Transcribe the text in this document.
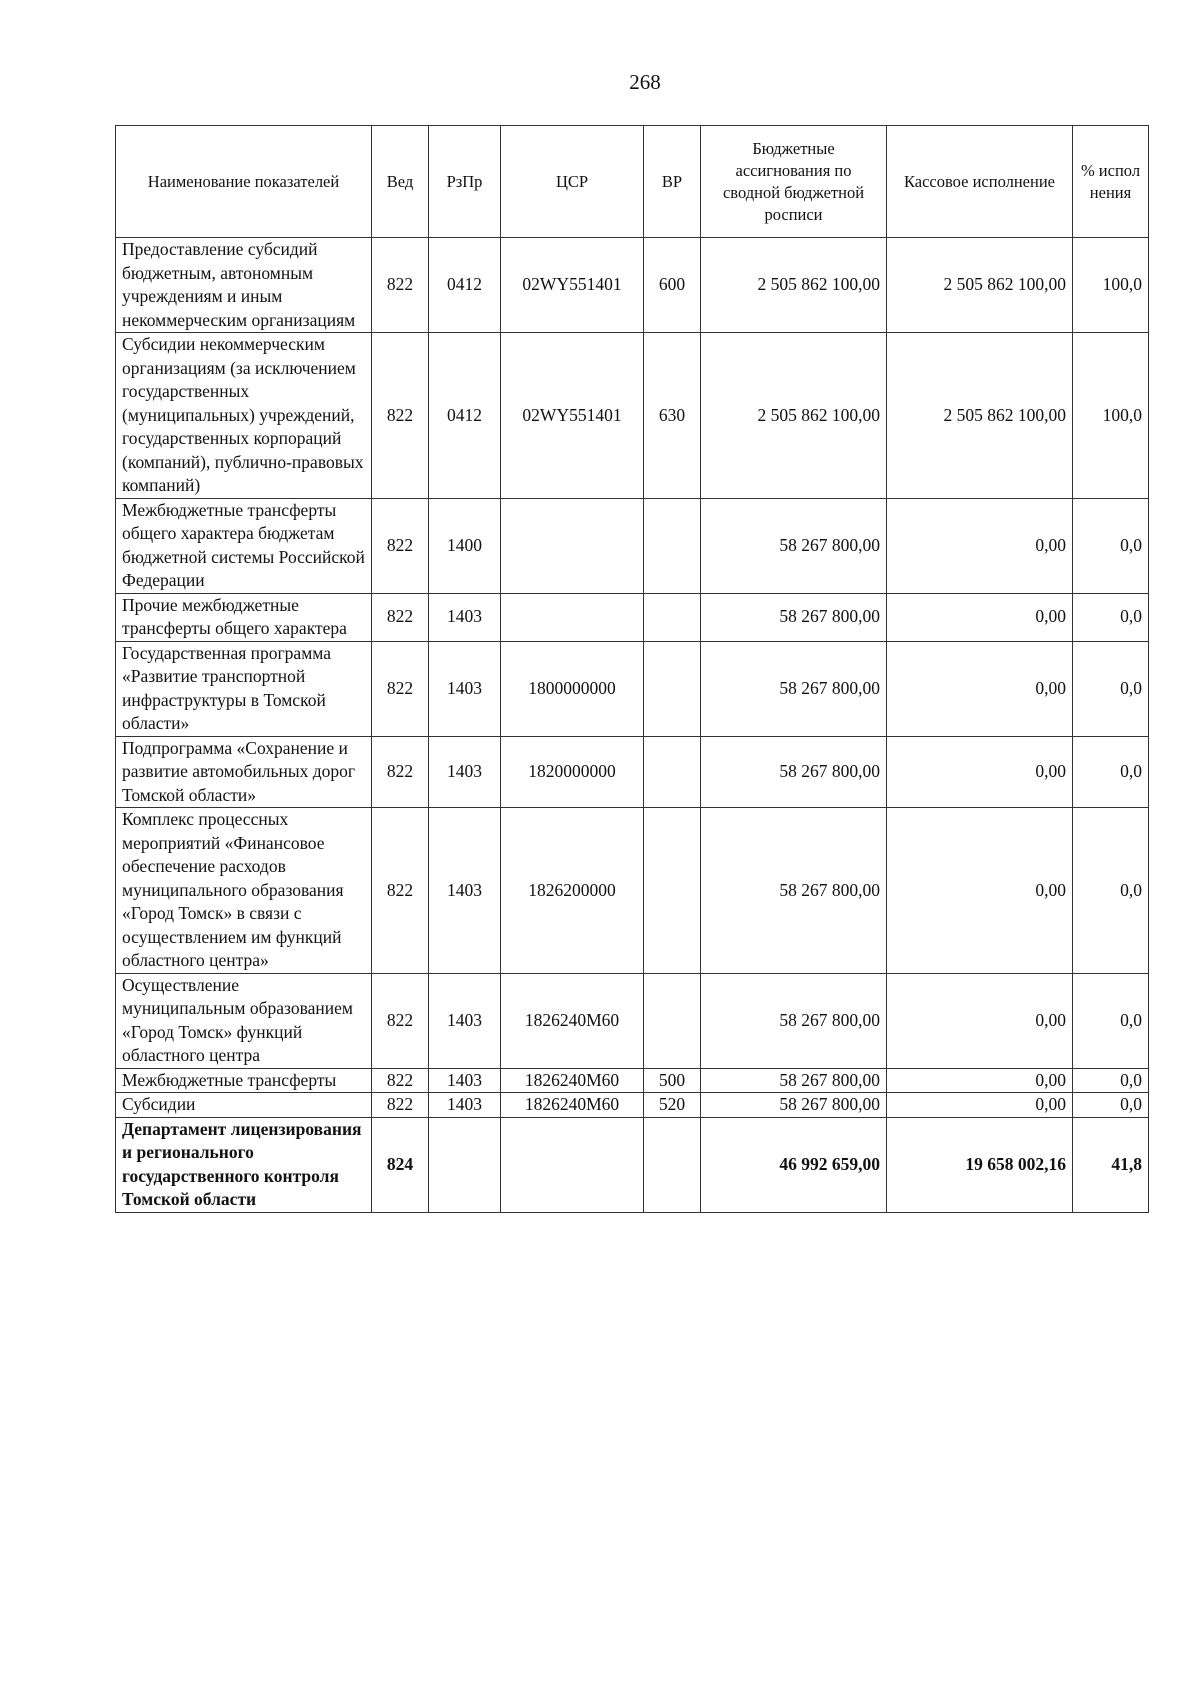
268
Наименование показателей	Вед	РзПр	ЦСР	ВР	Бюджетные ассигнования по сводной бюджетной росписи	Кассовое исполнение	% испол нения
Предоставление субсидий бюджетным, автономным учреждениям и иным некоммерческим организациям	822	0412	02WY551401	600	2 505 862 100,00	2 505 862 100,00	100,0
Субсидии некоммерческим организациям (за исключением государственных (муниципальных) учреждений, государственных корпораций (компаний), публично-правовых компаний)	822	0412	02WY551401	630	2 505 862 100,00	2 505 862 100,00	100,0
Межбюджетные трансферты общего характера бюджетам бюджетной системы Российской Федерации	822	1400			58 267 800,00	0,00	0,0
Прочие межбюджетные трансферты общего характера	822	1403			58 267 800,00	0,00	0,0
Государственная программа «Развитие транспортной инфраструктуры в Томской области»	822	1403	1800000000		58 267 800,00	0,00	0,0
Подпрограмма «Сохранение и развитие автомобильных дорог Томской области»	822	1403	1820000000		58 267 800,00	0,00	0,0
Комплекс процессных мероприятий «Финансовое обеспечение расходов муниципального образования «Город Томск» в связи с осуществлением им функций областного центра»	822	1403	1826200000		58 267 800,00	0,00	0,0
Осуществление муниципальным образованием «Город Томск» функций областного центра	822	1403	1826240М60		58 267 800,00	0,00	0,0
Межбюджетные трансферты	822	1403	1826240М60	500	58 267 800,00	0,00	0,0
Субсидии	822	1403	1826240М60	520	58 267 800,00	0,00	0,0
Департамент лицензирования и регионального государственного контроля Томской области	824				46 992 659,00	19 658 002,16	41,8
